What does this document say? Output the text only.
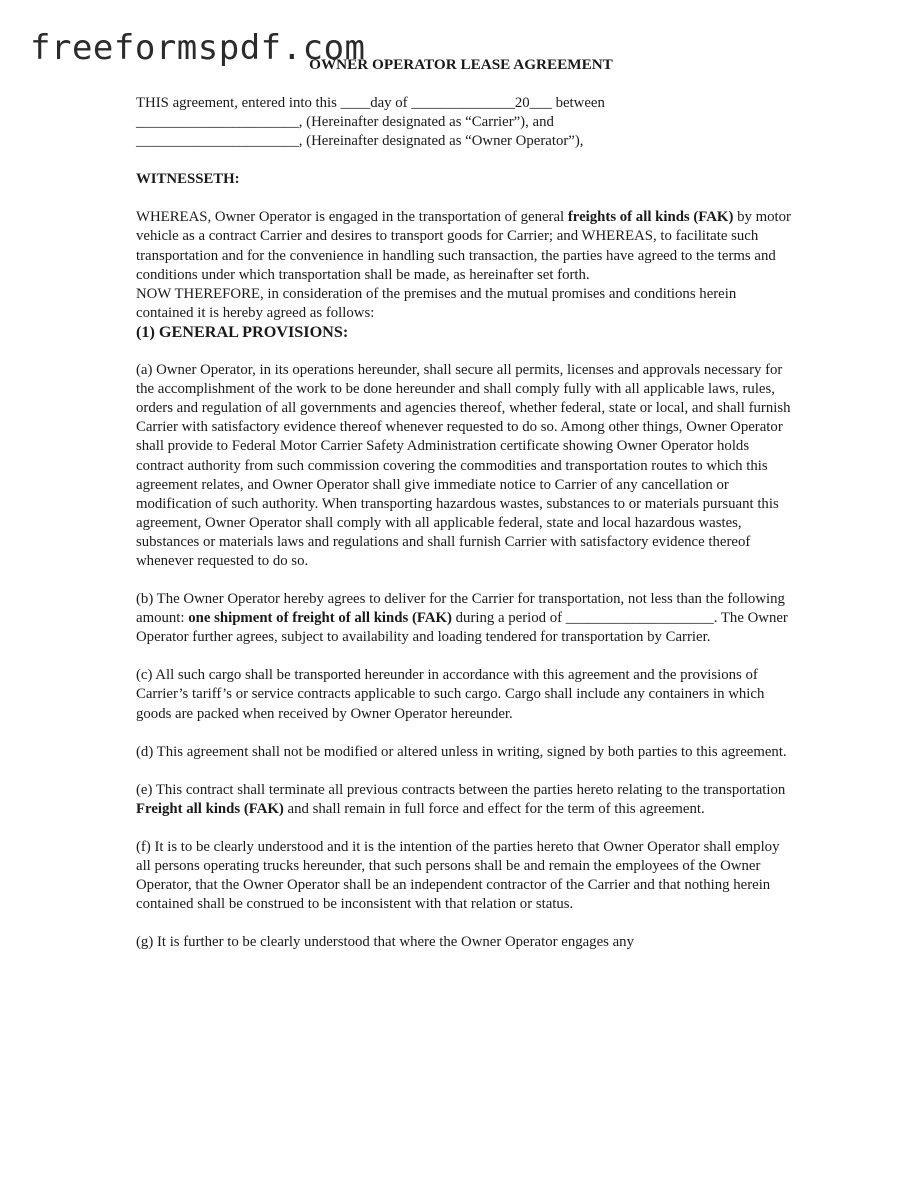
freeformspdf.com
OWNER OPERATOR LEASE AGREEMENT

THIS agreement, entered into this ____day of ______________20___ between

______________________, (Hereinafter designated as “Carrier”), and

______________________, (Hereinafter designated as “Owner Operator”),

WITNESSETH:

WHEREAS, Owner Operator is engaged in the transportation of general freights of all kinds (FAK) by motor vehicle as a contract Carrier and desires to transport goods for Carrier; and WHEREAS, to facilitate such transportation and for the convenience in handling such transaction, the parties have agreed to the terms and conditions under which transportation shall be made, as hereinafter set forth.

NOW THEREFORE, in consideration of the premises and the mutual promises and conditions herein contained it is hereby agreed as follows:

(1) GENERAL PROVISIONS:

(a) Owner Operator, in its operations hereunder, shall secure all permits, licenses and approvals necessary for the accomplishment of the work to be done hereunder and shall comply fully with all applicable laws, rules, orders and regulation of all governments and agencies thereof, whether federal, state or local, and shall furnish Carrier with satisfactory evidence thereof whenever requested to do so. Among other things, Owner Operator shall provide to Federal Motor Carrier Safety Administration certificate showing Owner Operator holds contract authority from such commission covering the commodities and transportation routes to which this agreement relates, and Owner Operator shall give immediate notice to Carrier of any cancellation or modification of such authority. When transporting hazardous wastes, substances to or materials pursuant this agreement, Owner Operator shall comply with all applicable federal, state and local hazardous wastes, substances or materials laws and regulations and shall furnish Carrier with satisfactory evidence thereof whenever requested to do so.

(b) The Owner Operator hereby agrees to deliver for the Carrier for transportation, not less than the following amount: one shipment of freight of all kinds (FAK) during a period of ____________________. The Owner Operator further agrees, subject to availability and loading tendered for transportation by Carrier.

(c) All such cargo shall be transported hereunder in accordance with this agreement and the provisions of Carrier’s tariff’s or service contracts applicable to such cargo. Cargo shall include any containers in which goods are packed when received by Owner Operator hereunder.

(d) This agreement shall not be modified or altered unless in writing, signed by both parties to this agreement.

(e) This contract shall terminate all previous contracts between the parties hereto relating to the transportation Freight all kinds (FAK) and shall remain in full force and effect for the term of this agreement.

(f) It is to be clearly understood and it is the intention of the parties hereto that Owner Operator shall employ all persons operating trucks hereunder, that such persons shall be and remain the employees of the Owner Operator, that the Owner Operator shall be an independent contractor of the Carrier and that nothing herein contained shall be construed to be inconsistent with that relation or status.

(g) It is further to be clearly understood that where the Owner Operator engages any
